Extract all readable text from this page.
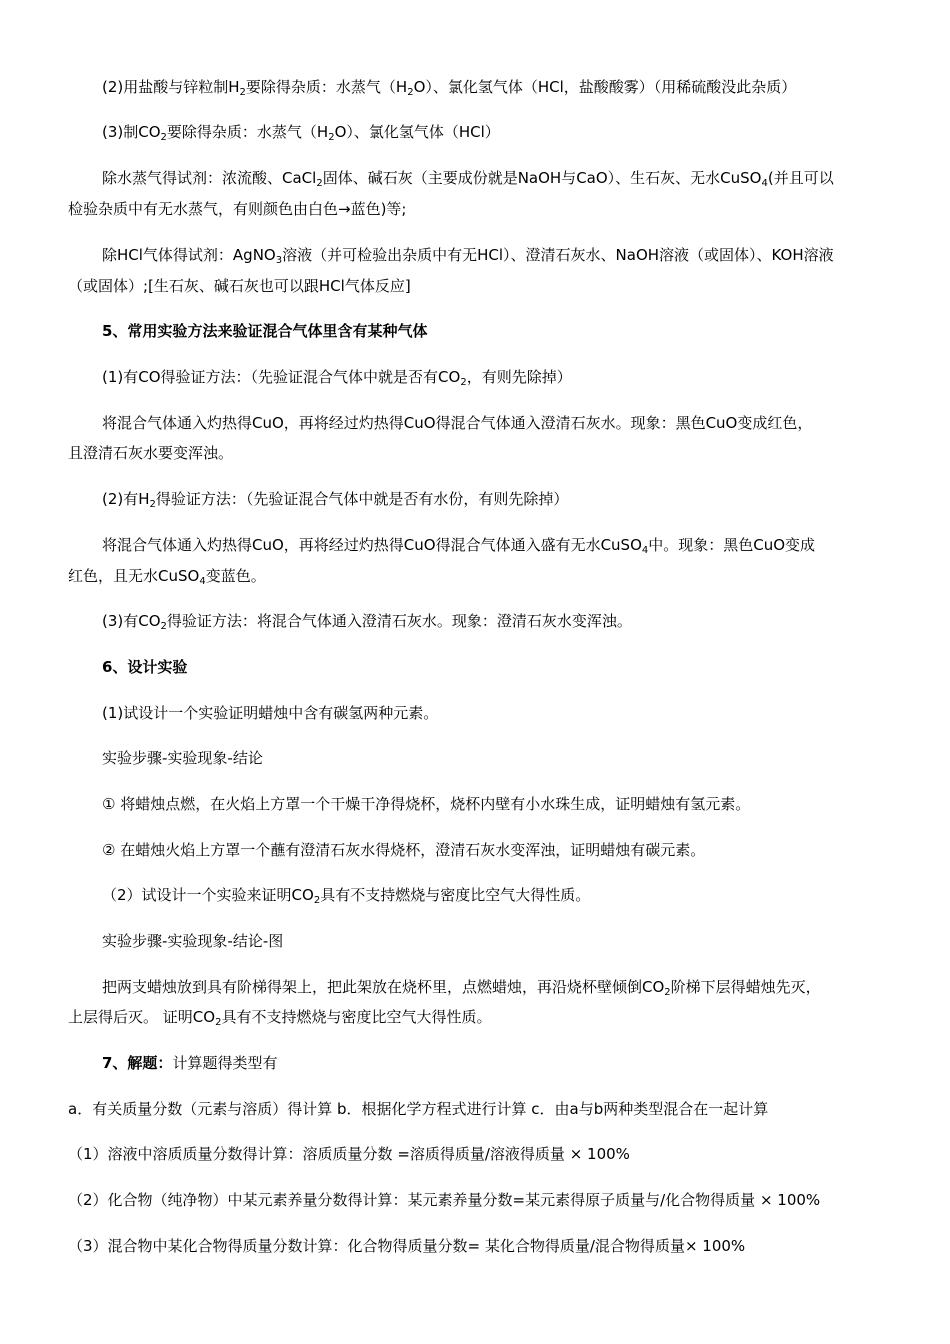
(2)用盐酸与锌粒制$H_2$要除得杂质：水蒸气$(H_2O)$、氯化氢气体（HCl，盐酸酸雾）（用稀硫酸没此杂质）
(3)制$CO_2$要除得杂质：水蒸气$(H_2O)$、氯化氢气体（HCl）
除水蒸气得试剂：浓流酸、CaCl$_2$固体、碱石灰（主要成份就是NaOH与CaO）、生石灰、无水CuSO$_4$(并且可以
检验杂质中有无水蒸气，有则颜色由白色→蓝色)等;
除HCl气体得试剂：AgNO$_3$溶液（并可检验出杂质中有无HCl）、澄清石灰水、NaOH溶液（或固体）、KOH溶液
（或固体）;[生石灰、碱石灰也可以跟HCl气体反应]
5、常用实验方法来验证混合气体里含有某种气体
(1)有CO得验证方法：（先验证混合气体中就是否有$CO_2$，有则先除掉）
将混合气体通入灼热得CuO，再将经过灼热得CuO得混合气体通入澄清石灰水。现象：黑色CuO变成红色，
且澄清石灰水要变浑浊。
(2)有$H_2$得验证方法：（先验证混合气体中就是否有水份，有则先除掉）
将混合气体通入灼热得CuO，再将经过灼热得CuO得混合气体通入盛有无水CuSO$_4$中。现象：黑色CuO变成
红色，且无水CuSO$_4$变蓝色。
(3)有$CO_2$得验证方法：将混合气体通入澄清石灰水。现象：澄清石灰水变浑浊。
6、设计实验
(1)试设计一个实验证明蜡烛中含有碳氢两种元素。
实验步骤-实验现象-结论
① 将蜡烛点燃，在火焰上方罩一个干燥干净得烧杯，烧杯内壁有小水珠生成，证明蜡烛有氢元素。
② 在蜡烛火焰上方罩一个蘸有澄清石灰水得烧杯，澄清石灰水变浑浊，证明蜡烛有碳元素。
（2）试设计一个实验来证明$CO_2$具有不支持燃烧与密度比空气大得性质。
实验步骤-实验现象-结论-图
把两支蜡烛放到具有阶梯得架上，把此架放在烧杯里，点燃蜡烛，再沿烧杯壁倾倒$CO_2$阶梯下层得蜡烛先灭，
上层得后灭。 证明$CO_2$具有不支持燃烧与密度比空气大得性质。
7、解题：计算题得类型有
a．有关质量分数（元素与溶质）得计算 b．根据化学方程式进行计算 c．由a与b两种类型混合在一起计算
（1）溶液中溶质质量分数得计算：溶质质量分数 =溶质得质量/溶液得质量 × 100%
（2）化合物（纯净物）中某元素养量分数得计算：某元素养量分数=某元素得原子质量与/化合物得质量 × 100%
（3）混合物中某化合物得质量分数计算：化合物得质量分数= 某化合物得质量/混合物得质量× 100%
